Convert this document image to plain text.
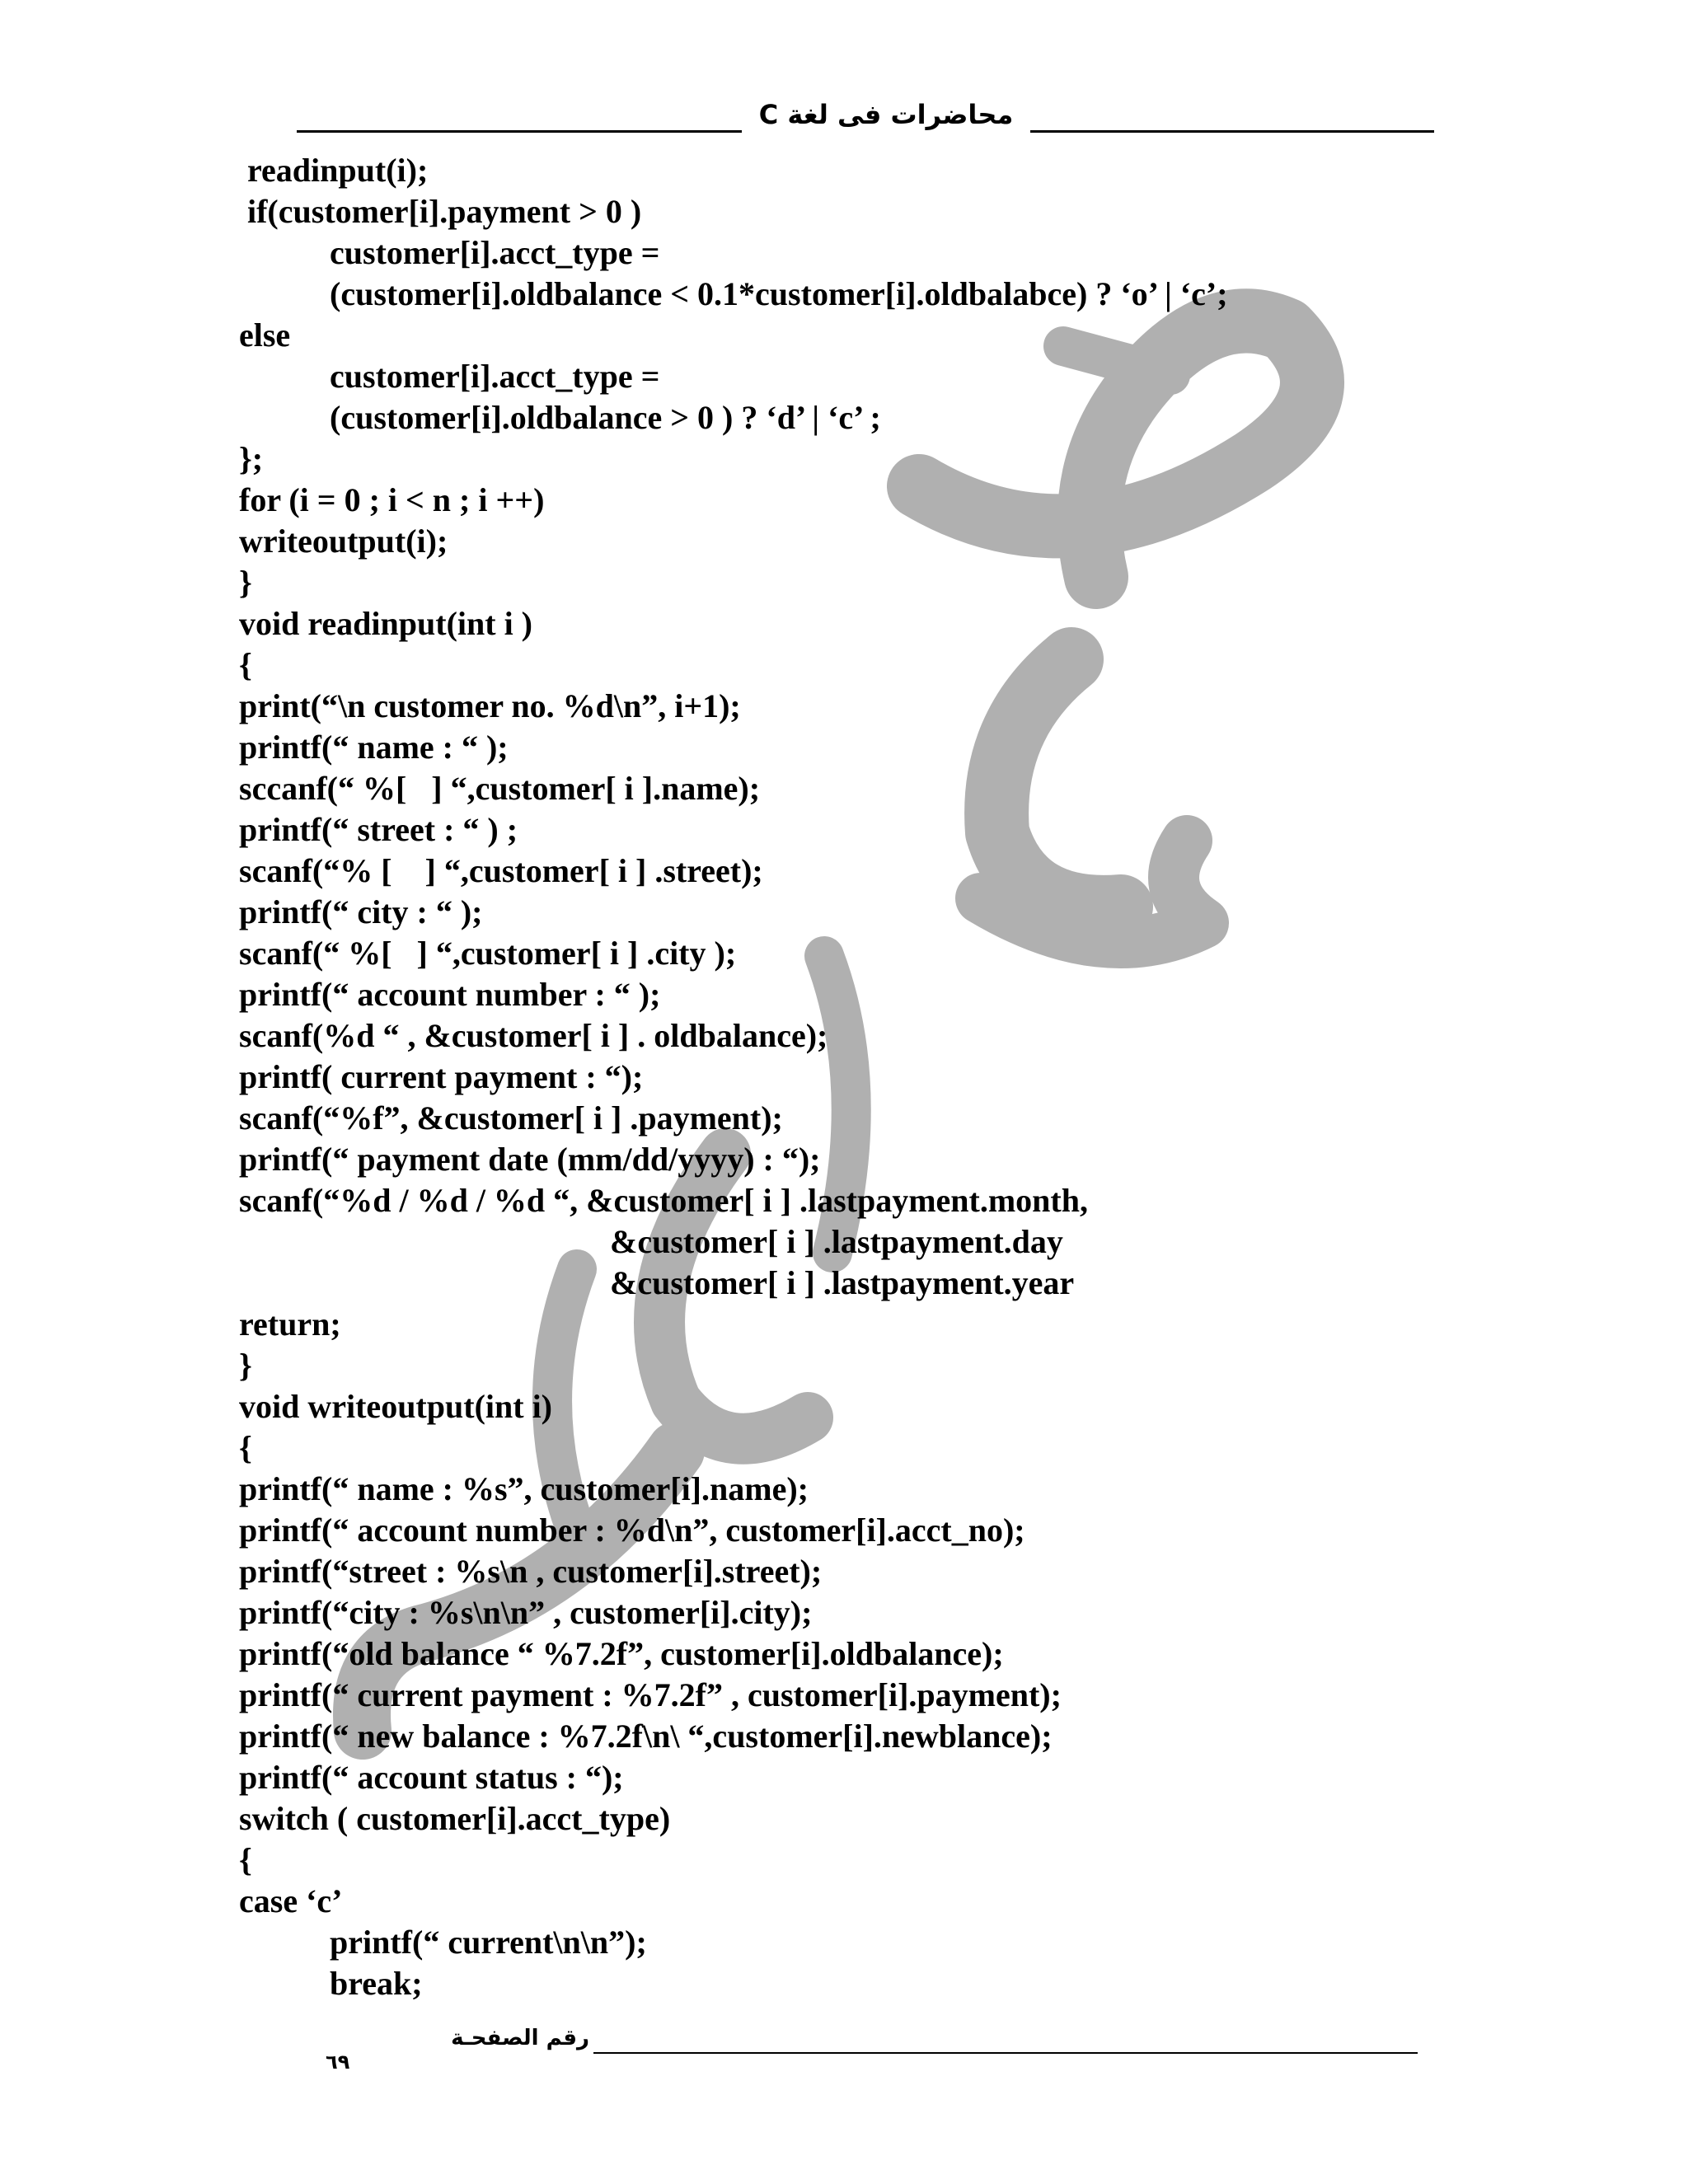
محاضرات فى لغة C
readinput(i);
if(customer[i].payment > 0 )
customer[i].acct_type =
(customer[i].oldbalance < 0.1*customer[i].oldbalabce) ? ‘o’ | ‘c’;
else
customer[i].acct_type =
(customer[i].oldbalance > 0 ) ? ‘d’ | ‘c’ ;
};
for (i = 0 ; i < n ; i ++)
writeoutput(i);
}
void readinput(int i )
{
print(“\n customer no. %d\n”, i+1);
printf(“ name : “ );
sccanf(“ %[   ] “,customer[ i ].name);
printf(“ street : “ ) ;
scanf(“% [    ] “,customer[ i ] .street);
printf(“ city : “ );
scanf(“ %[   ] “,customer[ i ] .city );
printf(“ account number : “ );
scanf(%d “ , &customer[ i ] . oldbalance);
printf( current payment : “);
scanf(“%f”, &customer[ i ] .payment);
printf(“ payment date (mm/dd/yyyy) : “);
scanf(“%d / %d / %d “, &customer[ i ] .lastpayment.month,
&customer[ i ] .lastpayment.day
&customer[ i ] .lastpayment.year
return;
}
void writeoutput(int i)
{
printf(“ name : %s”, customer[i].name);
printf(“ account number : %d\n”, customer[i].acct_no);
printf(“street : %s\n , customer[i].street);
printf(“city : %s\n\n” , customer[i].city);
printf(“old balance “ %7.2f”, customer[i].oldbalance);
printf(“ current payment : %7.2f” , customer[i].payment);
printf(“ new balance : %7.2f\n\ “,customer[i].newblance);
printf(“ account status : “);
switch ( customer[i].acct_type)
{
case ‘c’
printf(“ current\n\n”);
break;
رقم الصفحـة
٦٩
